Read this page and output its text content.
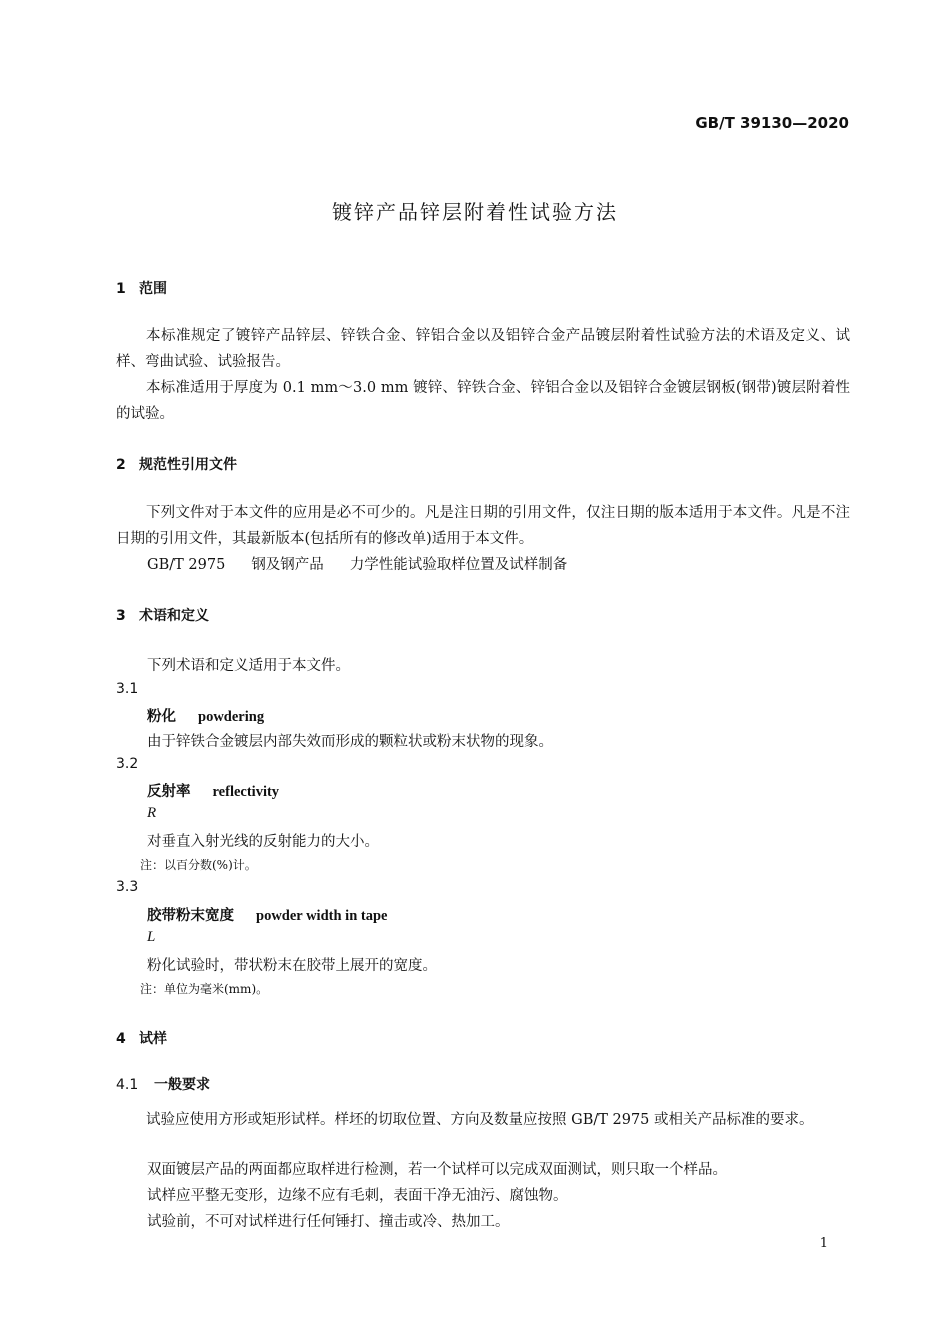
GB/T 39130—2020
镀锌产品锌层附着性试验方法
1 范围
本标准规定了镀锌产品锌层、锌铁合金、锌铝合金以及铝锌合金产品镀层附着性试验方法的术语及定义、试样、弯曲试验、试验报告。
本标准适用于厚度为 0.1 mm～3.0 mm 镀锌、锌铁合金、锌铝合金以及铝锌合金镀层钢板(钢带)镀层附着性的试验。
2 规范性引用文件
下列文件对于本文件的应用是必不可少的。凡是注日期的引用文件，仅注日期的版本适用于本文件。凡是不注日期的引用文件，其最新版本(包括所有的修改单)适用于本文件。
GB/T 2975 钢及钢产品 力学性能试验取样位置及试样制备
3 术语和定义
下列术语和定义适用于本文件。
3.1
粉化 powdering
由于锌铁合金镀层内部失效而形成的颗粒状或粉末状物的现象。
3.2
反射率 reflectivity
R
对垂直入射光线的反射能力的大小。
注：以百分数(%)计。
3.3
胶带粉末宽度 powder width in tape
L
粉化试验时，带状粉末在胶带上展开的宽度。
注：单位为毫米(mm)。
4 试样
4.1 一般要求
试验应使用方形或矩形试样。样坯的切取位置、方向及数量应按照 GB/T 2975 或相关产品标准的要求。
双面镀层产品的两面都应取样进行检测，若一个试样可以完成双面测试，则只取一个样品。
试样应平整无变形，边缘不应有毛刺，表面干净无油污、腐蚀物。
试验前，不可对试样进行任何锤打、撞击或冷、热加工。
1
